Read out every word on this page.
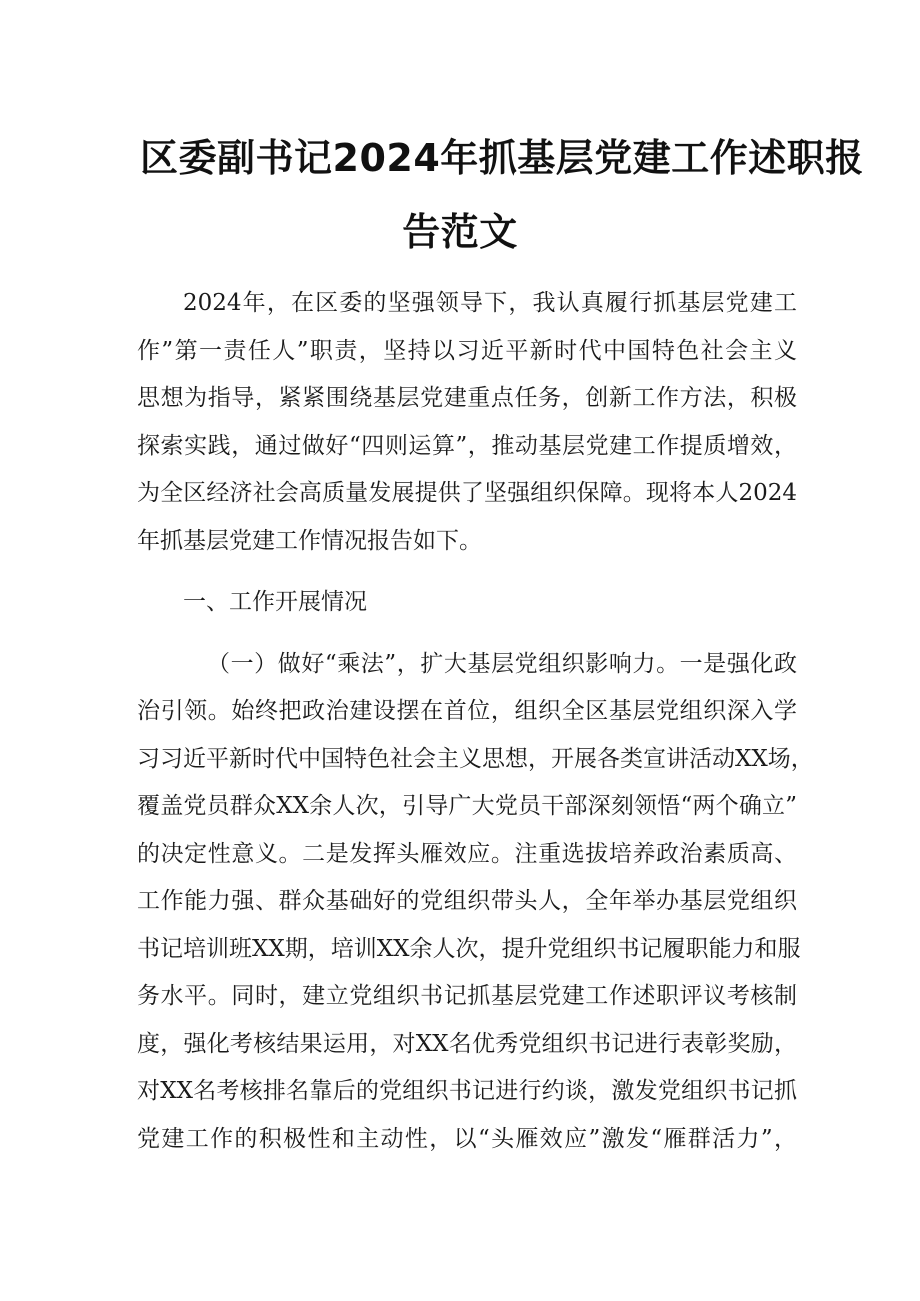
区委副书记2024年抓基层党建工作述职报
告范文
2024年，在区委的坚强领导下，我认真履行抓基层党建工
作”第一责任人”职责，坚持以习近平新时代中国特色社会主义
思想为指导，紧紧围绕基层党建重点任务，创新工作方法，积极
探索实践，通过做好“四则运算”，推动基层党建工作提质增效，
为全区经济社会高质量发展提供了坚强组织保障。现将本人2024
年抓基层党建工作情况报告如下。
一、工作开展情况
（一）做好“乘法”，扩大基层党组织影响力。一是强化政
治引领。始终把政治建设摆在首位，组织全区基层党组织深入学
习习近平新时代中国特色社会主义思想，开展各类宣讲活动XX场，
覆盖党员群众XX余人次，引导广大党员干部深刻领悟“两个确立”
的决定性意义。二是发挥头雁效应。注重选拔培养政治素质高、
工作能力强、群众基础好的党组织带头人，全年举办基层党组织
书记培训班XX期，培训XX余人次，提升党组织书记履职能力和服
务水平。同时，建立党组织书记抓基层党建工作述职评议考核制
度，强化考核结果运用，对XX名优秀党组织书记进行表彰奖励，
对XX名考核排名靠后的党组织书记进行约谈，激发党组织书记抓
党建工作的积极性和主动性，以“头雁效应”激发“雁群活力”，
